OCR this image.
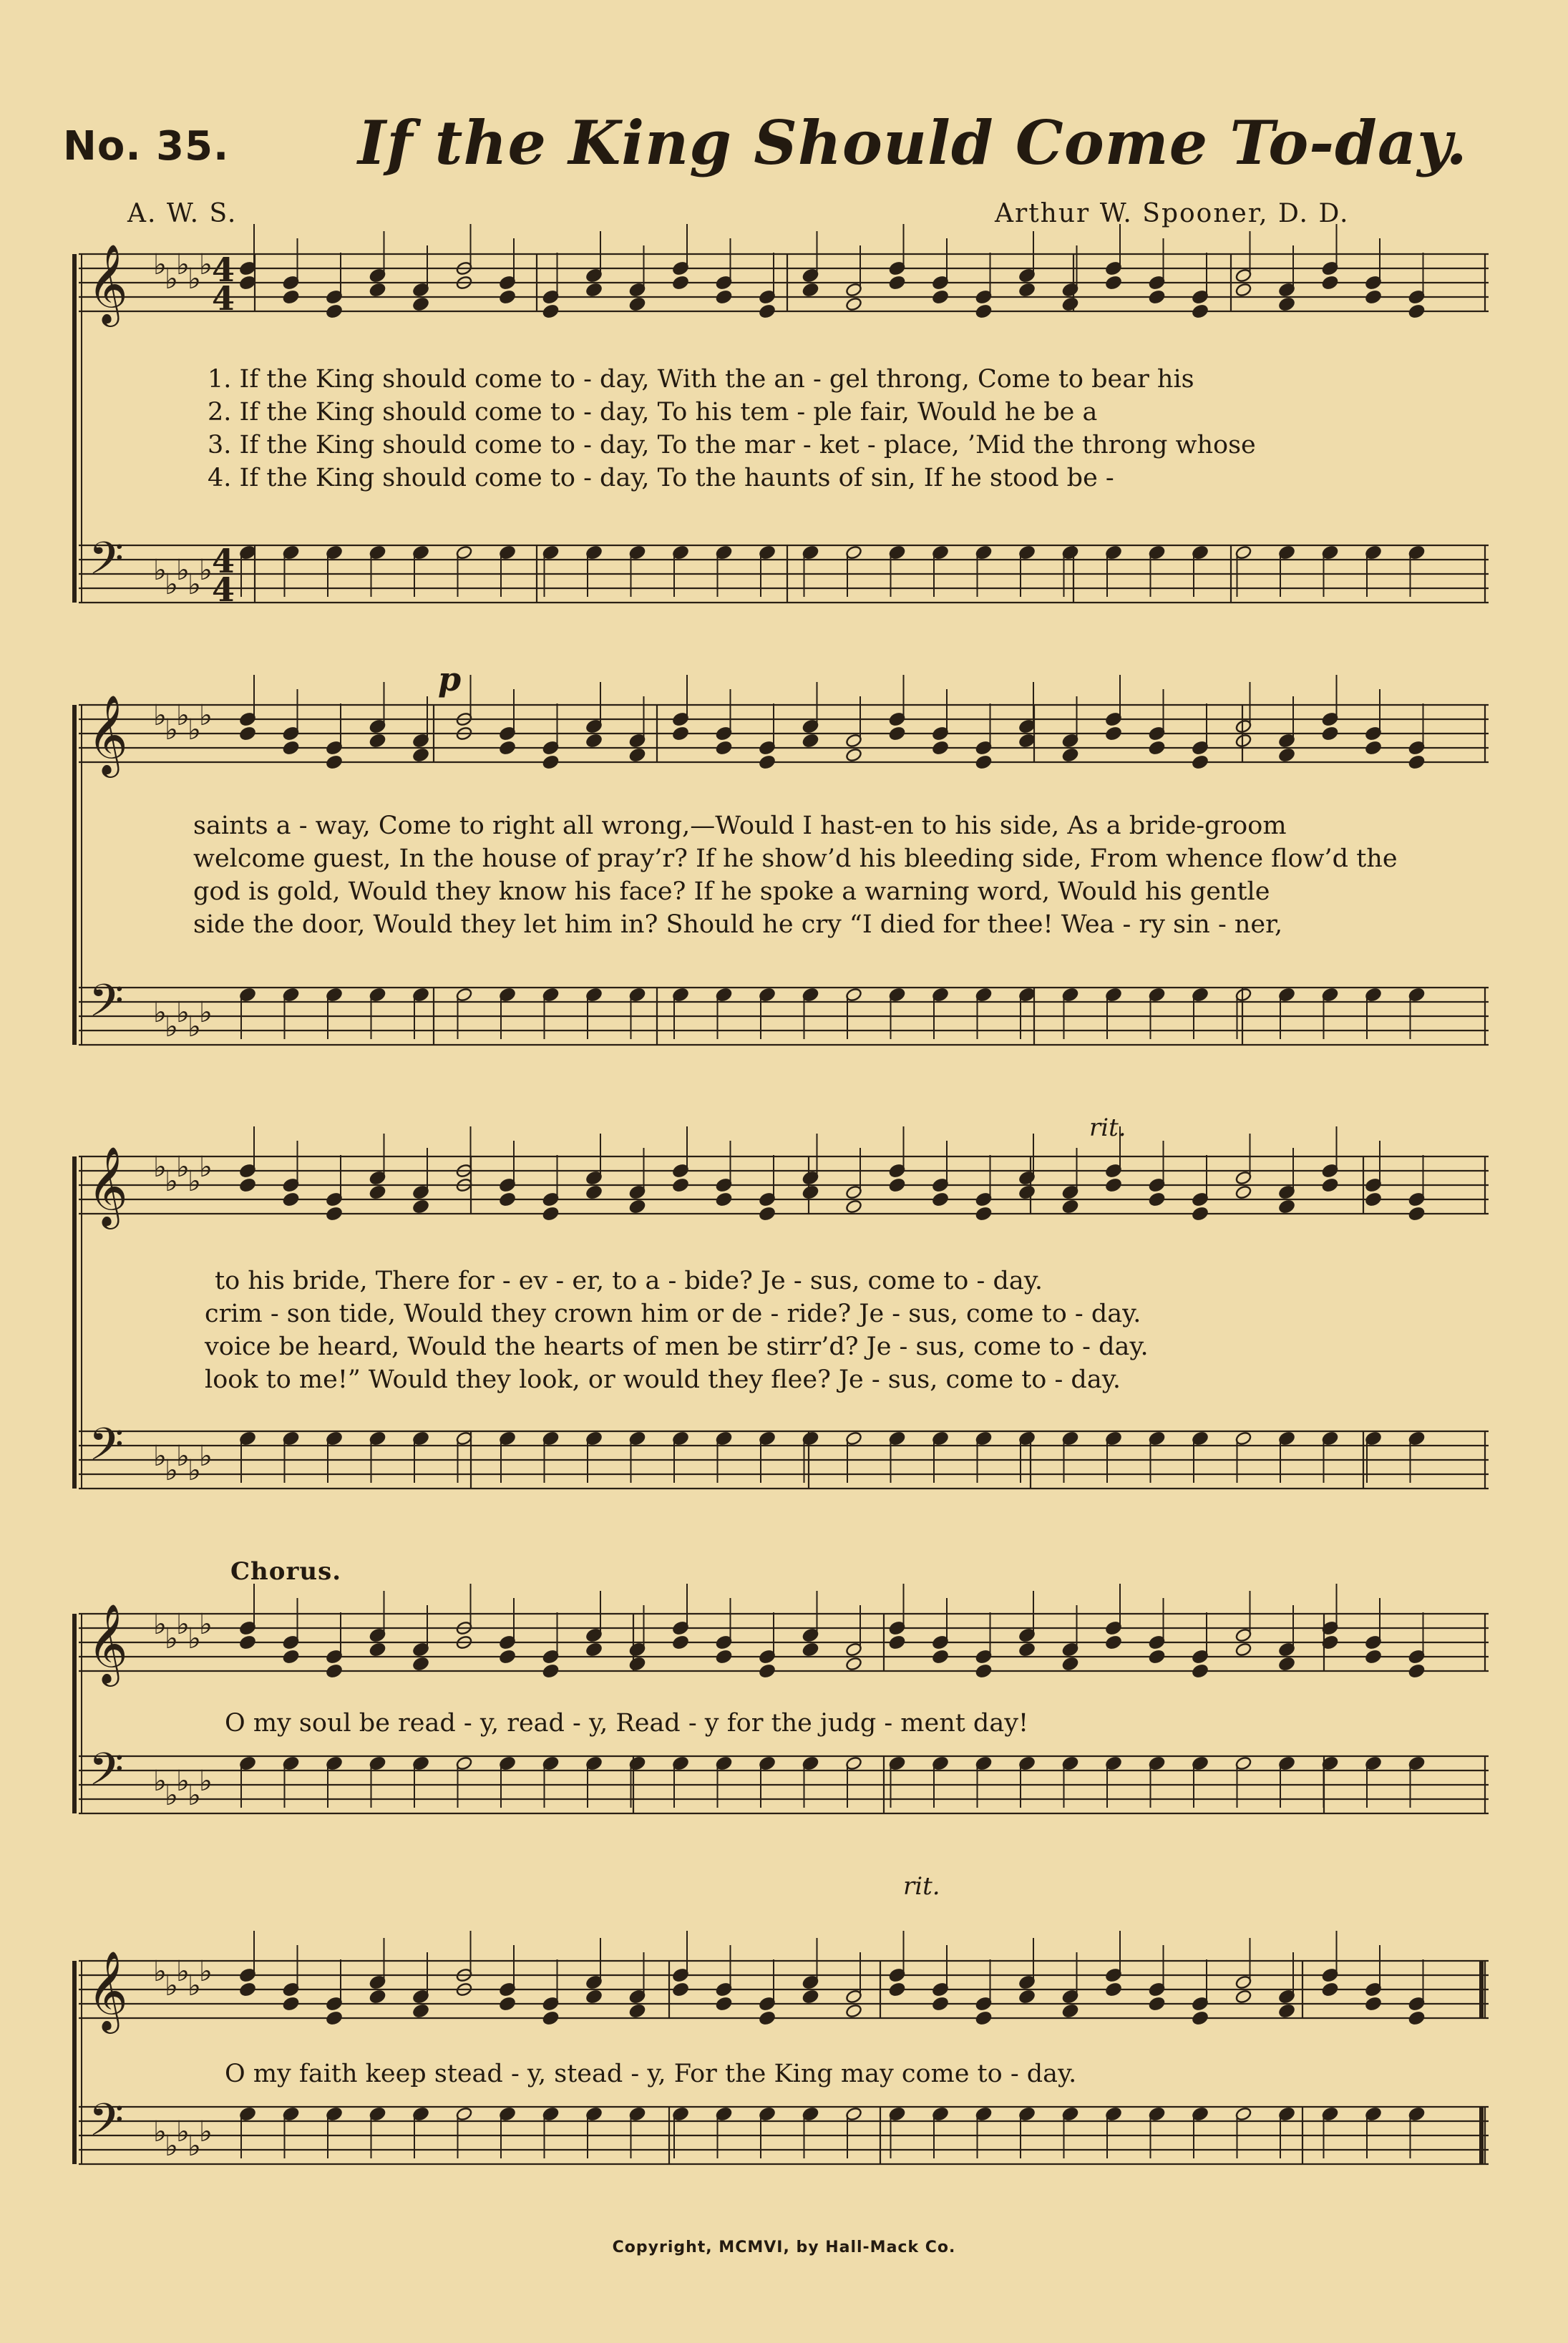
𝄞
𝄢
♭
♭
♭
♭
♭
♭
♭
♭
♭
♭
𝄞
𝄢
♭
♭
♭
♭
♭
♭
♭
♭
♭
♭
𝄞
𝄢
♭
♭
♭
♭
♭
♭
♭
♭
♭
♭
𝄞
𝄢
♭
♭
♭
♭
♭
♭
♭
♭
♭
♭
𝄞
𝄢
♭
♭
♭
♭
♭
♭
♭
♭
♭
♭
4
4
4
4
No. 35. If the King Should Come To-day.
A. W. S.	Arthur W. Spooner, D. D.
1. If the King should come to - day, With the an - gel throng, Come to bear his
2. If the King should come to - day, To his tem - ple fair, Would he be a
3. If the King should come to - day, To the mar - ket - place, ’Mid the throng whose
4. If the King should come to - day, To the haunts of sin, If he stood be -
p
saints a - way, Come to right all wrong,—Would I hast-en to his side, As a bride-groom
welcome guest, In the house of pray’r? If he show’d his bleeding side, From whence flow’d the
god is gold, Would they know his face? If he spoke a warning word, Would his gentle
side the door, Would they let him in? Should he cry “I died for thee! Wea - ry sin - ner,
rit.
to his bride, There for - ev - er, to a - bide? Je - sus, come to - day.
crim - son tide, Would they crown him or de - ride? Je - sus, come to - day.
voice be heard, Would the hearts of men be stirr’d? Je - sus, come to - day.
look to me!” Would they look, or would they flee? Je - sus, come to - day.
Chorus.
O my soul be read - y, read - y, Read - y for the judg - ment day!
rit.
O my faith keep stead - y, stead - y, For the King may come to - day.
Copyright, MCMVI, by Hall-Mack Co.
